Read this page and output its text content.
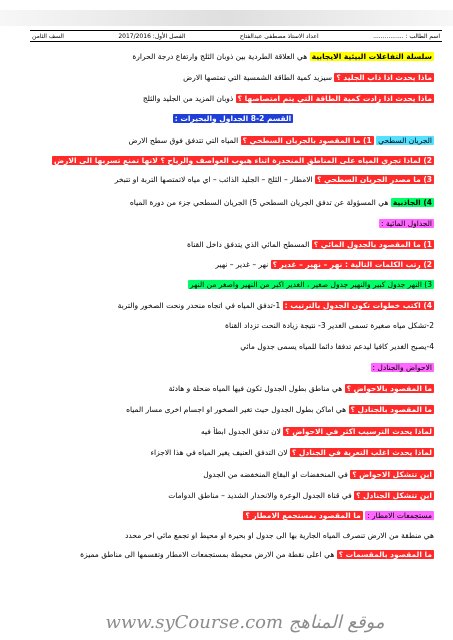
السف الثامن	الفصل الأول: 2017/2016	اعداد الاستاذ مصطفى عبدالفتاح	اسم الطالب : ................
سلسلة التفاعلات البيئية الايجابية هي العلاقة الطردية بين ذوبان الثلج وارتفاع درجة الحرارة
ماذا يحدث اذا ذاب الجليد ؟ سيزيد كمية الطاقة الشمسية التي تمتصها الارض
ماذا يحدث اذا زادت كمية الطاقة التي يتم امتصاصها ؟ ذوبان المزيد من الجليد والثلج
القسم 2-8 الجداول والبحيرات :
الجريان السطحي 1) ما المقصود بالجريان السطحي ؟ المياه التي تتدفق فوق سطح الارض
2) لماذا تجري المياه على المناطق المنحدرة اثناء هبوب العواصف والرياح ؟ لانها تمنع تسربها الى الارض
3) ما مصدر الجريان السطحي ؟ الامطار – الثلج – الجليد الذائب – اي مياه لاتمتصها التربة او تتبخر
4) الجاذبية هي المسؤولة عن تدفق الجريان السطحي 5) الجريان السطحي جزء من دورة المياه
الجداول المائية :
1) ما المقصود بالجدول المائي ؟ المسطح المائي الذي يتدفق داخل القناة
2) رتب الكلمات التالية : نهر – نهير – غدير ؟ نهر – غدير – نهير
3) النهر جدول كبير والنهير جدول صغير ، الغدير اكبر من النهير واصغر من النهر
4) اكتب خطوات تكون الجدول بالترتيب : 1-تدفق المياه في اتجاه منحدر ونحت الصخور والتربة
2-تشكل مياه صغيرة تسمى الغدير 3- نتيجة زيادة النحت تزداد القناة
4-يصبح الغدير كافيا ليدعم تدفقا دائما للمياه يسمى جدول مائي
الاحواض والجنادل :
ما المقصود بالاحواض ؟ هي مناطق بطول الجدول تكون فيها المياه ضحلة و هادئة
ما المقصود بالجنادل ؟ هي اماكن بطول الجدول حيث تغير الصخور او اجسام اخرى مسار المياه
لماذا يحدث الترسيب اكثر في الاحواض ؟ لان تدفق الجدول ابطأ فيه
لماذا يحدث اغلب التعرية في الجنادل ؟ لان التدفق العنيف يغير المياه في هذا الاجزاء
اين تتشكل الاحواض ؟ في المنخفضات او البقاع المنخفضه من الجدول
اين تتشكل الجنادل ؟ في قناة الجدول الوعرة والانحدار الشديد – مناطق الدوامات
مستجمعات الامطار : ما المقصود بمستجمع الامطار ؟
هي منطقة من الارض تنصرف المياه الجارية بها الى جدول او بحيرة او محيط او تجمع مائي اخر محدد
ما المقصود بالمقسمات ؟ هي اعلى نقطة من الارض محيطة بمستجمعات الامطار وتقسمها الى مناطق مميزة
www.syCourse.com موقع المناهج
